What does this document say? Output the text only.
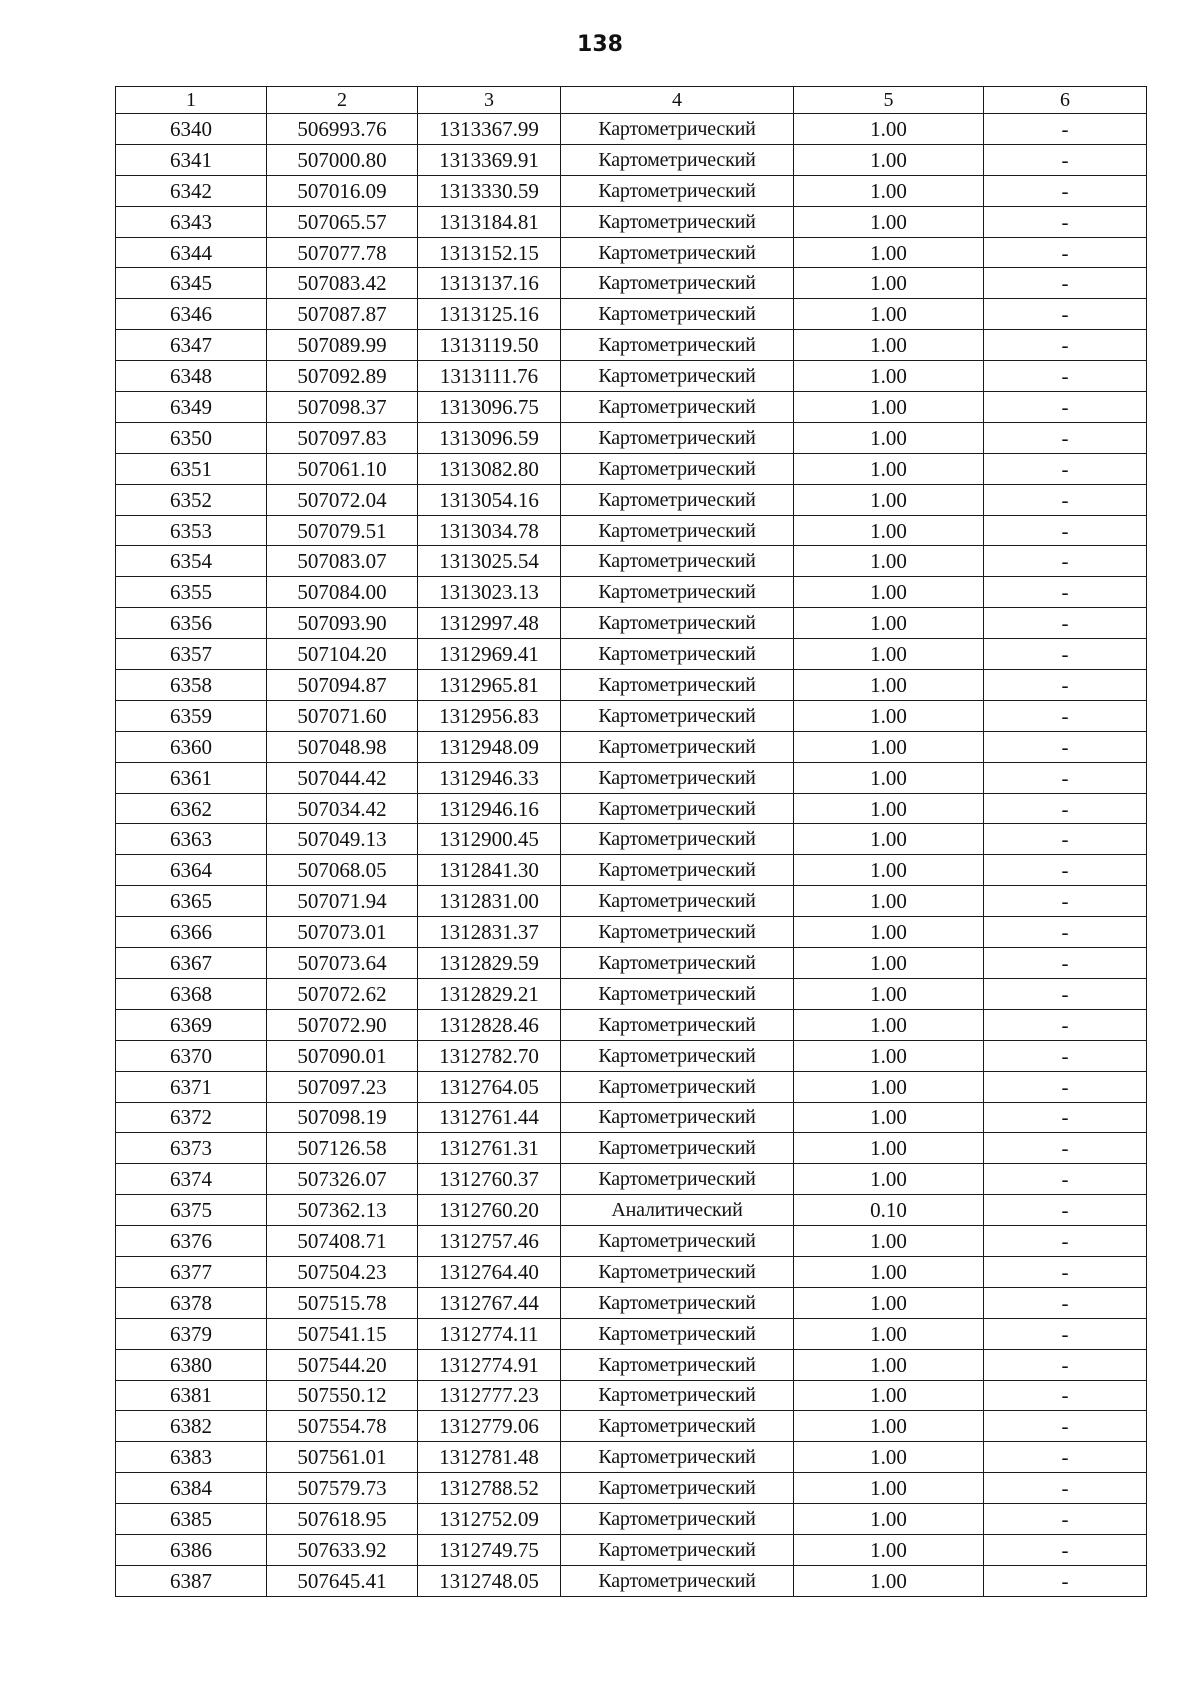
138
1	2	3	4	5	6
6340	506993.76	1313367.99	Картометрический	1.00	-
6341	507000.80	1313369.91	Картометрический	1.00	-
6342	507016.09	1313330.59	Картометрический	1.00	-
6343	507065.57	1313184.81	Картометрический	1.00	-
6344	507077.78	1313152.15	Картометрический	1.00	-
6345	507083.42	1313137.16	Картометрический	1.00	-
6346	507087.87	1313125.16	Картометрический	1.00	-
6347	507089.99	1313119.50	Картометрический	1.00	-
6348	507092.89	1313111.76	Картометрический	1.00	-
6349	507098.37	1313096.75	Картометрический	1.00	-
6350	507097.83	1313096.59	Картометрический	1.00	-
6351	507061.10	1313082.80	Картометрический	1.00	-
6352	507072.04	1313054.16	Картометрический	1.00	-
6353	507079.51	1313034.78	Картометрический	1.00	-
6354	507083.07	1313025.54	Картометрический	1.00	-
6355	507084.00	1313023.13	Картометрический	1.00	-
6356	507093.90	1312997.48	Картометрический	1.00	-
6357	507104.20	1312969.41	Картометрический	1.00	-
6358	507094.87	1312965.81	Картометрический	1.00	-
6359	507071.60	1312956.83	Картометрический	1.00	-
6360	507048.98	1312948.09	Картометрический	1.00	-
6361	507044.42	1312946.33	Картометрический	1.00	-
6362	507034.42	1312946.16	Картометрический	1.00	-
6363	507049.13	1312900.45	Картометрический	1.00	-
6364	507068.05	1312841.30	Картометрический	1.00	-
6365	507071.94	1312831.00	Картометрический	1.00	-
6366	507073.01	1312831.37	Картометрический	1.00	-
6367	507073.64	1312829.59	Картометрический	1.00	-
6368	507072.62	1312829.21	Картометрический	1.00	-
6369	507072.90	1312828.46	Картометрический	1.00	-
6370	507090.01	1312782.70	Картометрический	1.00	-
6371	507097.23	1312764.05	Картометрический	1.00	-
6372	507098.19	1312761.44	Картометрический	1.00	-
6373	507126.58	1312761.31	Картометрический	1.00	-
6374	507326.07	1312760.37	Картометрический	1.00	-
6375	507362.13	1312760.20	Аналитический	0.10	-
6376	507408.71	1312757.46	Картометрический	1.00	-
6377	507504.23	1312764.40	Картометрический	1.00	-
6378	507515.78	1312767.44	Картометрический	1.00	-
6379	507541.15	1312774.11	Картометрический	1.00	-
6380	507544.20	1312774.91	Картометрический	1.00	-
6381	507550.12	1312777.23	Картометрический	1.00	-
6382	507554.78	1312779.06	Картометрический	1.00	-
6383	507561.01	1312781.48	Картометрический	1.00	-
6384	507579.73	1312788.52	Картометрический	1.00	-
6385	507618.95	1312752.09	Картометрический	1.00	-
6386	507633.92	1312749.75	Картометрический	1.00	-
6387	507645.41	1312748.05	Картометрический	1.00	-
